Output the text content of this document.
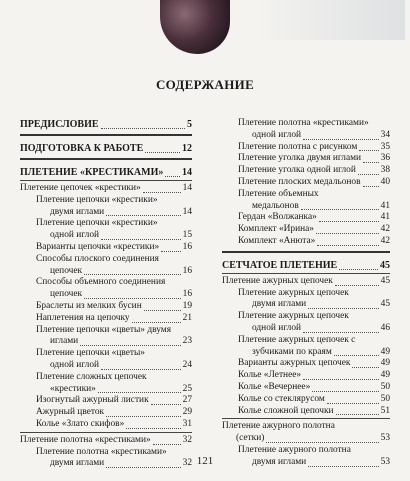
СОДЕРЖАНИЕ
ПРЕДИСЛОВИЕ	5
ПОДГОТОВКА К РАБОТЕ	12
ПЛЕТЕНИЕ «КРЕСТИКАМИ» 14
Плетение цепочек «крестики»	14
Плетение цепочки «крестики»
двумя иглами	14
Плетение цепочки «крестики»
одной иглой	15
Варианты цепочки «крестики» 16
Способы плоского соединения
цепочек	16
Способы объемного соединения
цепочек	16
Браслеты из мелких бусин	19
Наплетения на цепочку	21
Плетение цепочки «цветы» двумя
иглами	23
Плетение цепочки «цветы»
одной иглой	24
Плетение сложных цепочек
«крестики»	25
Изогнутый ажурный листик	27
Ажурный цветок	29
Колье «Злато скифов»	31
Плетение полотна «крестиками»	32
Плетение полотна «крестиками»
двумя иглами	32
Плетение полотна «крестиками»
одной иглой	34
Плетение полотна с рисунком 35
Плетение уголка двумя иглами 36
Плетение уголка одной иглой	38
Плетение плоских медальонов 40
Плетение объемных
медальонов	41
Гердан «Волжанка»	41
Комплект «Ирина»	42
Комплект «Анюта»	42
СЕТЧАТОЕ ПЛЕТЕНИЕ	45
Плетение ажурных цепочек	45
Плетение ажурных цепочек
двумя иглами	45
Плетение ажурных цепочек
одной иглой	46
Плетение ажурных цепочек с
зубчиками по краям	49
Варианты ажурных цепочек	49
Колье «Летнее»	49
Колье «Вечернее»	50
Колье со стеклярусом	50
Колье сложной цепочки	51
Плетение ажурного полотна
(сетки)	53
Плетение ажурного полотна
двумя иглами	53
121
